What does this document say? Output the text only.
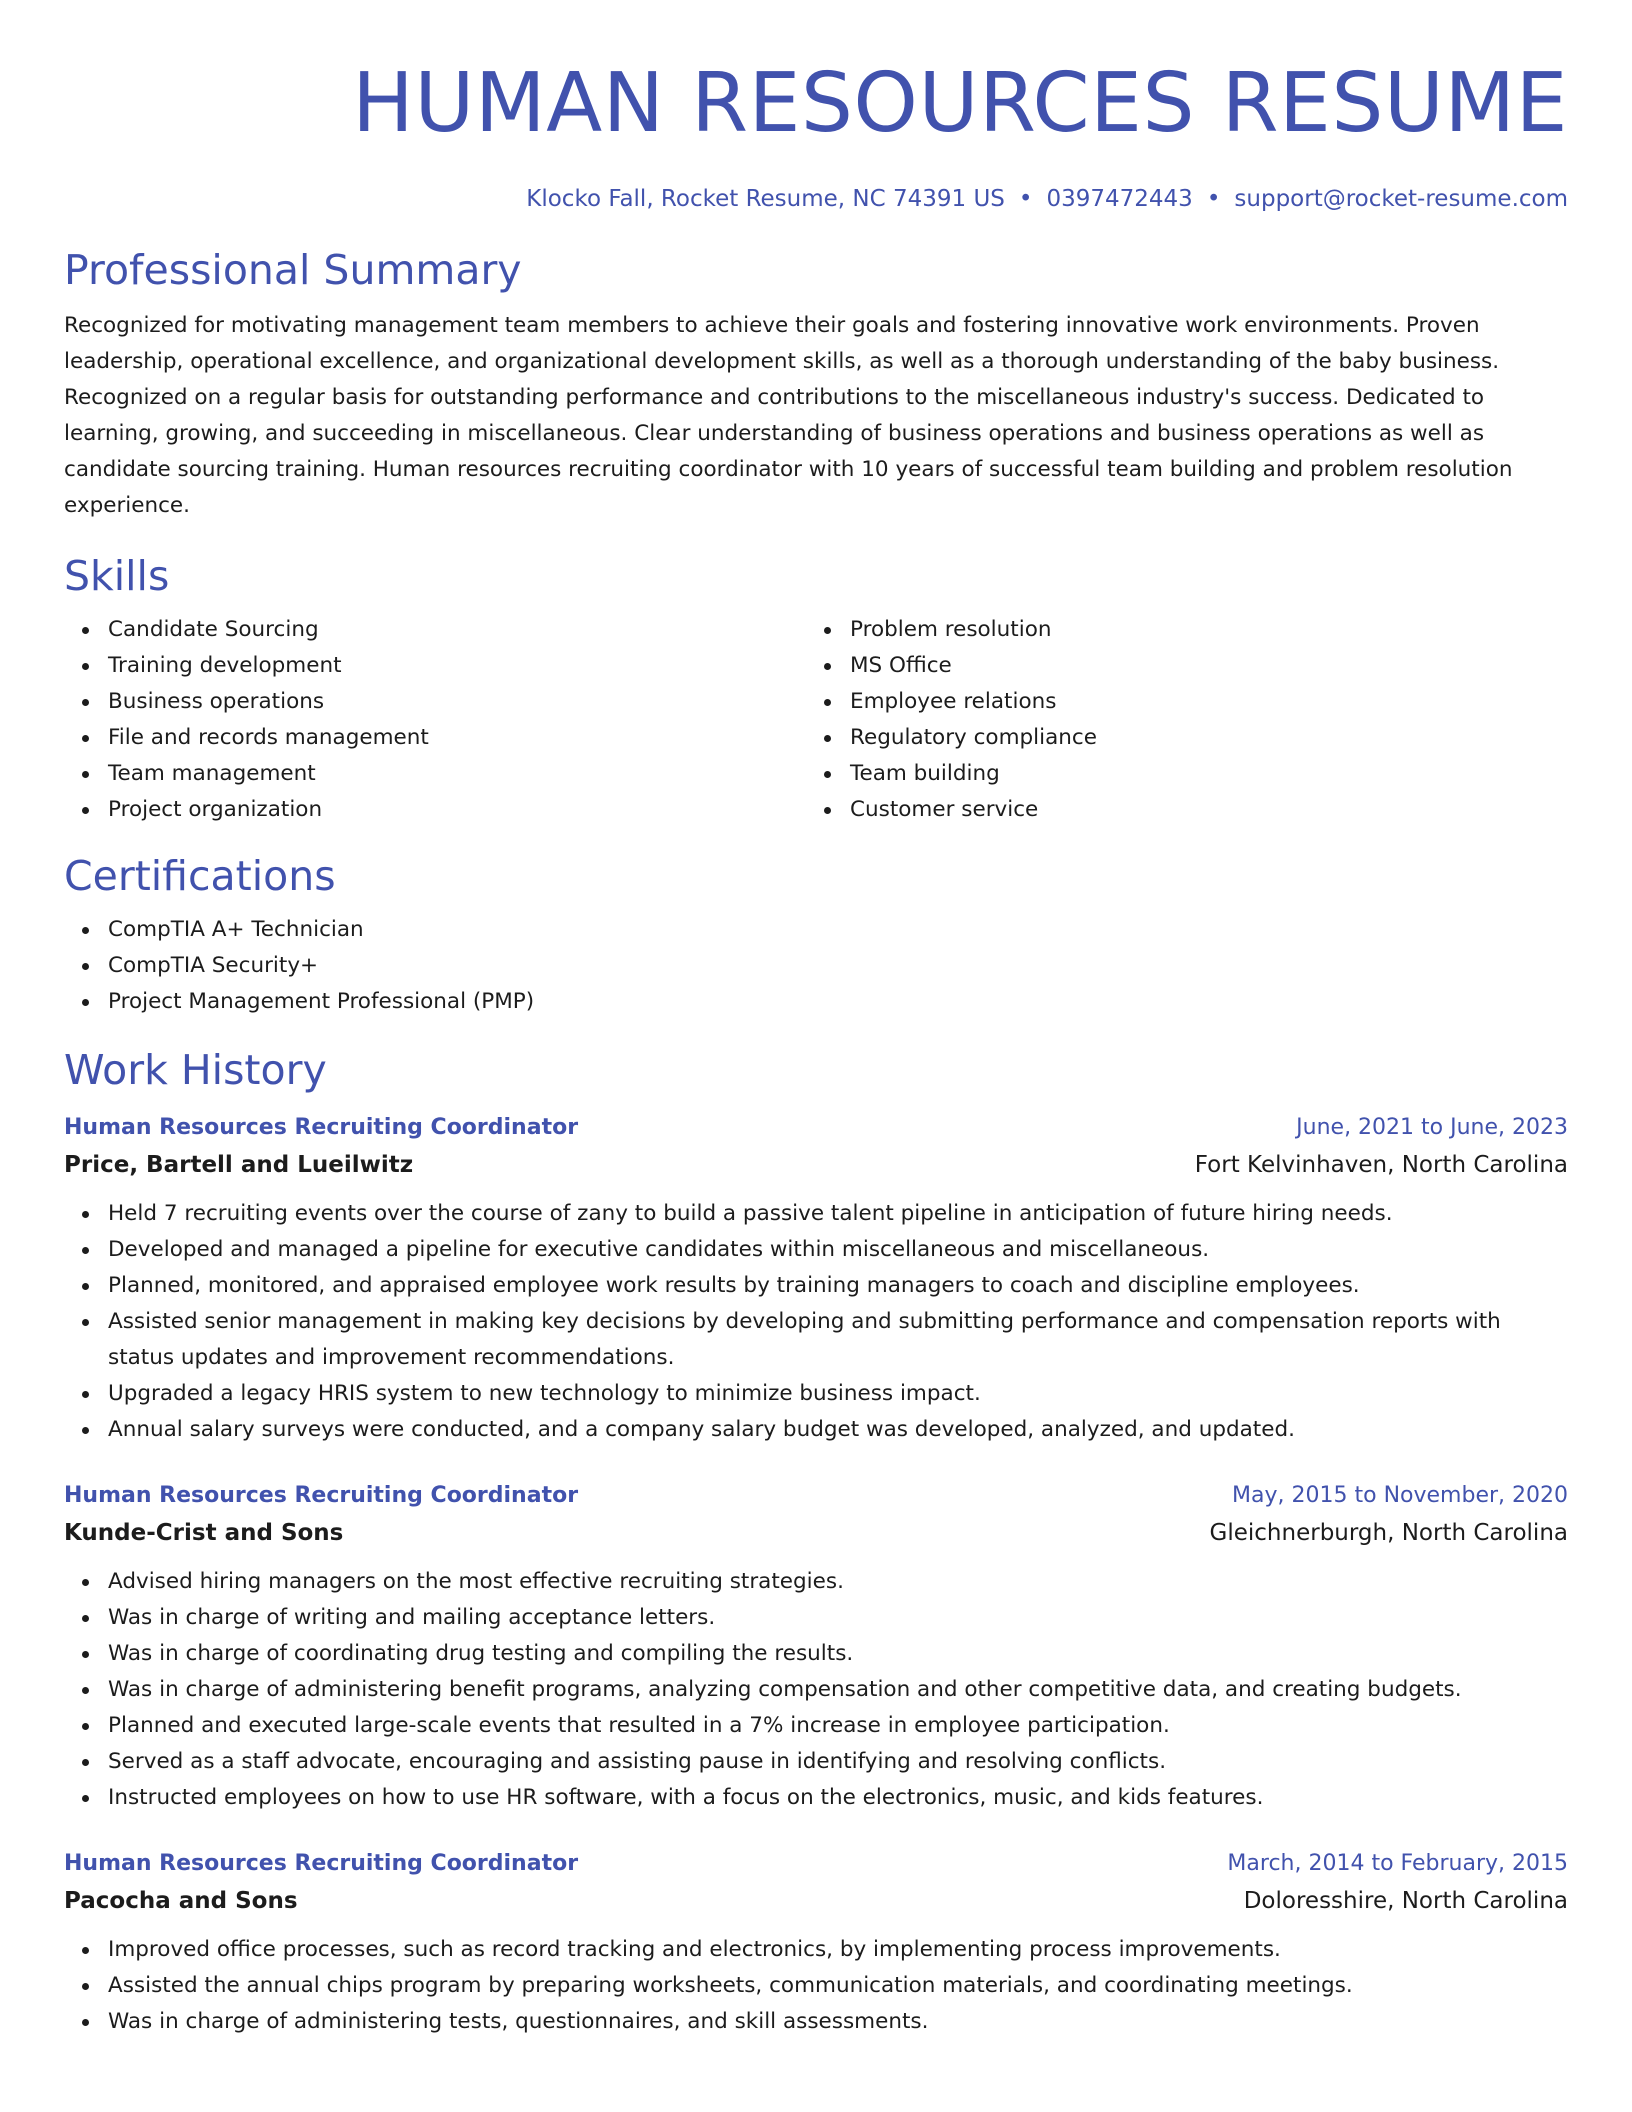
HUMAN RESOURCES RESUME
Klocko Fall, Rocket Resume, NC 74391 US • 0397472443 • support@rocket-resume.com
Professional Summary

Recognized for motivating management team members to achieve their goals and fostering innovative work environments. Proven leadership, operational excellence, and organizational development skills, as well as a thorough understanding of the baby business. Recognized on a regular basis for outstanding performance and contributions to the miscellaneous industry's success. Dedicated to learning, growing, and succeeding in miscellaneous. Clear understanding of business operations and business operations as well as candidate sourcing training. Human resources recruiting coordinator with 10 years of successful team building and problem resolution experience.

Skills
Candidate Sourcing
Training development
Business operations
File and records management
Team management
Project organization
Problem resolution
MS Office
Employee relations
Regulatory compliance
Team building
Customer service
Certifications
CompTIA A+ Technician
CompTIA Security+
Project Management Professional (PMP)
Work History
Human Resources Recruiting Coordinator	June, 2021 to June, 2023
Price, Bartell and Lueilwitz	Fort Kelvinhaven, North Carolina
Held 7 recruiting events over the course of zany to build a passive talent pipeline in anticipation of future hiring needs.
Developed and managed a pipeline for executive candidates within miscellaneous and miscellaneous.
Planned, monitored, and appraised employee work results by training managers to coach and discipline employees.
Assisted senior management in making key decisions by developing and submitting performance and compensation reports with status updates and improvement recommendations.
Upgraded a legacy HRIS system to new technology to minimize business impact.
Annual salary surveys were conducted, and a company salary budget was developed, analyzed, and updated.
Human Resources Recruiting Coordinator	May, 2015 to November, 2020
Kunde-Crist and Sons	Gleichnerburgh, North Carolina
Advised hiring managers on the most effective recruiting strategies.
Was in charge of writing and mailing acceptance letters.
Was in charge of coordinating drug testing and compiling the results.
Was in charge of administering benefit programs, analyzing compensation and other competitive data, and creating budgets.
Planned and executed large-scale events that resulted in a 7% increase in employee participation.
Served as a staff advocate, encouraging and assisting pause in identifying and resolving conflicts.
Instructed employees on how to use HR software, with a focus on the electronics, music, and kids features.
Human Resources Recruiting Coordinator	March, 2014 to February, 2015
Pacocha and Sons	Doloresshire, North Carolina
Improved office processes, such as record tracking and electronics, by implementing process improvements.
Assisted the annual chips program by preparing worksheets, communication materials, and coordinating meetings.
Was in charge of administering tests, questionnaires, and skill assessments.
